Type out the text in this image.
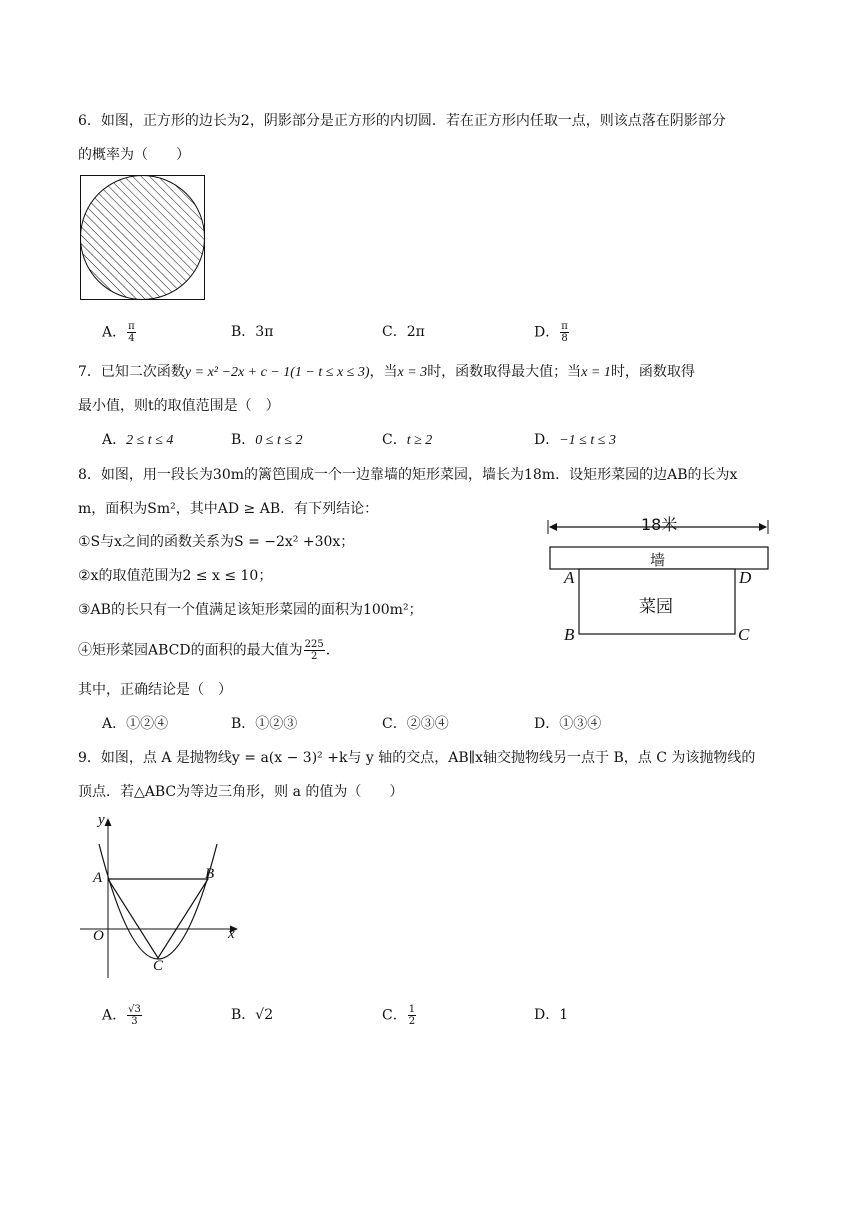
6．如图，正方形的边长为2，阴影部分是正方形的内切圆．若在正方形内任取一点，则该点落在阴影部分
的概率为（　　）
A． $\frac{\pi}{4}$	B．3π	C．2π	D． $\frac{\pi}{8}$
7．已知二次函数y = x² −2x + c − 1(1 − t ≤ x ≤ 3)，当x = 3时，函数取得最大值；当x = 1时，函数取得
最小值，则t的取值范围是（　）
A．2 ≤ t ≤ 4	B．0 ≤ t ≤ 2	C．t ≥ 2	D．−1 ≤ t ≤ 3
8．如图，用一段长为30m的篱笆围成一个一边靠墙的矩形菜园，墙长为18m．设矩形菜园的边AB的长为x
m，面积为Sm²，其中AD ≥ AB．有下列结论：
①S与x之间的函数关系为S = −2x² +30x；
②x的取值范围为2 ≤ x ≤ 10；
③AB的长只有一个值满足该矩形菜园的面积为100m²；
④矩形菜园ABCD的面积的最大值为 $\frac{225}{2}$ .
其中，正确结论是（　）
A．①②④	B．①②③	C．②③④	D．①③④
18米
墙
菜园
A	D
B	C
9．如图，点 A 是抛物线y = a(x − 3)² +k与 y 轴的交点，AB∥x轴交抛物线另一点于 B，点 C 为该抛物线的
顶点．若△ABC为等边三角形，则 a 的值为（　　）
y
x
O
A	B
C
A． $\frac{√3}{3}$	B．√2	C． $\frac{1}{2}$	D．1
